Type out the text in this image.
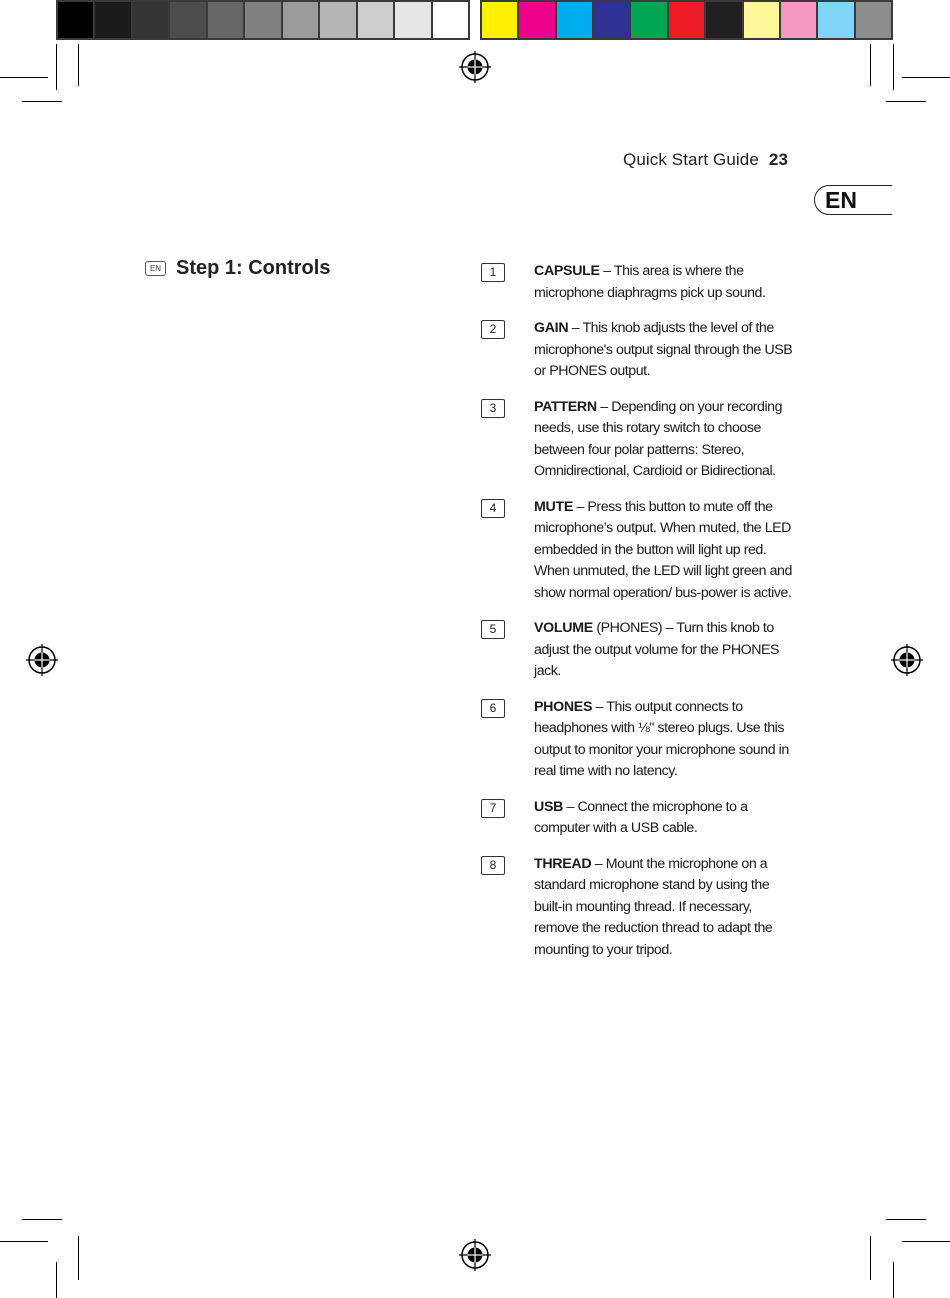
Quick Start Guide 23
EN
EN Step 1: Controls	1	CAPSULE – This area is where the microphone diaphragms pick up sound.

2	GAIN – This knob adjusts the level of the microphone's output signal through the USB or PHONES output.

3	PATTERN – Depending on your recording needs, use this rotary switch to choose between four polar patterns: Stereo, Omnidirectional, Cardioid or Bidirectional.

4	MUTE – Press this button to mute off the microphone’s output. When muted, the LED embedded in the button will light up red. When unmuted, the LED will light green and show normal operation/ bus-power is active.

5	VOLUME (PHONES) – Turn this knob to adjust the output volume for the PHONES jack.

6	PHONES – This output connects to headphones with ⅛" stereo plugs. Use this output to monitor your microphone sound in real time with no latency.

7	USB – Connect the microphone to a computer with a USB cable.

8	THREAD – Mount the microphone on a standard microphone stand by using the built-in mounting thread. If necessary, remove the reduction thread to adapt the mounting to your tripod.
